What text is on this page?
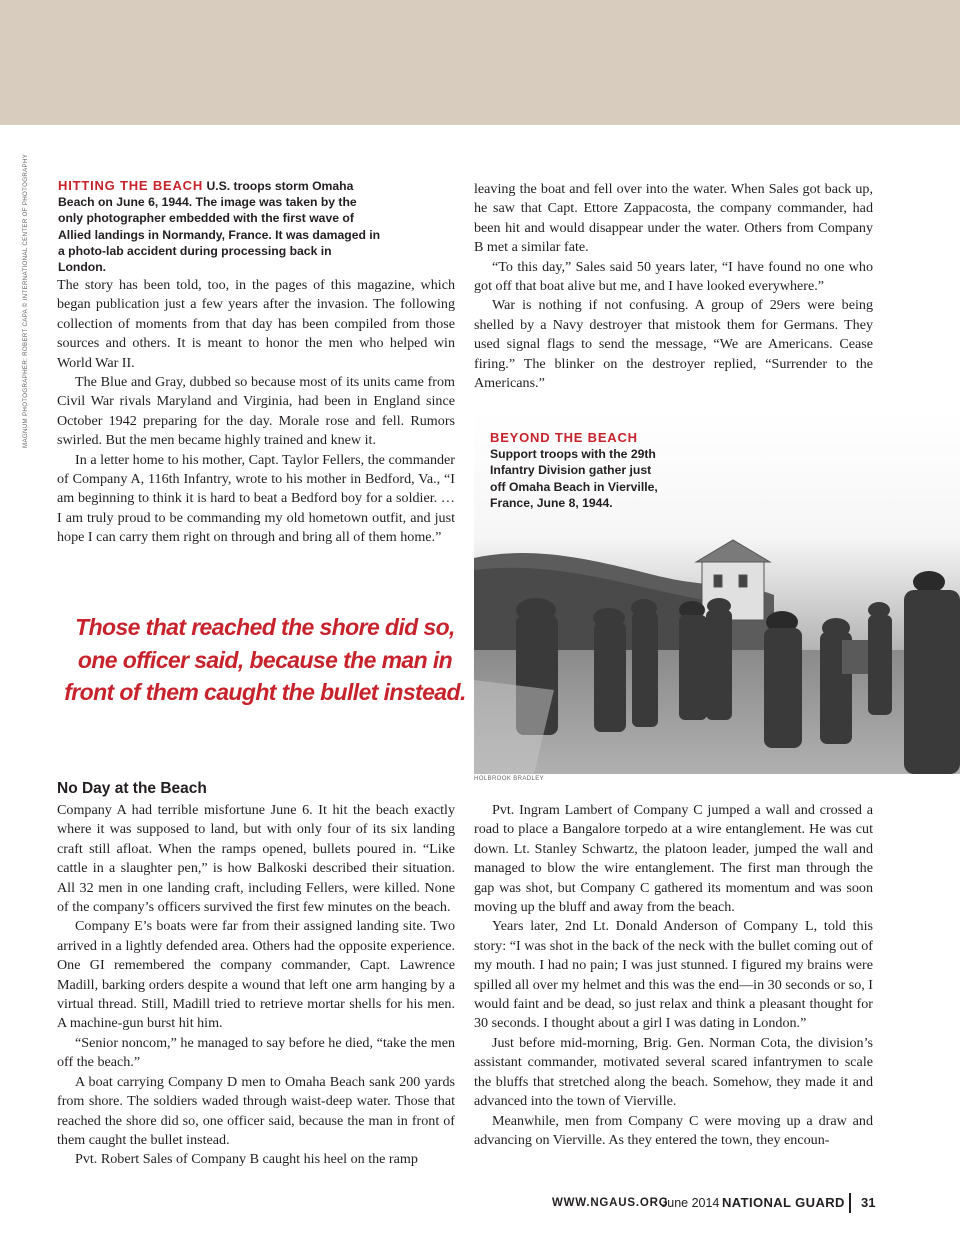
MAGNUM PHOTOGRAPHER: ROBERT CAPA © INTERNATIONAL CENTER OF PHOTOGRAPHY HITTING THE BEACH U.S. troops storm Omaha Beach on June 6, 1944. The image was taken by the only photographer embedded with the first wave of Allied landings in Normandy, France. It was damaged in a photo-lab accident during processing back in London.

The story has been told, too, in the pages of this magazine, which began publication just a few years after the invasion. The following collection of moments from that day has been compiled from those sources and others. It is meant to honor the men who helped win World War II.

The Blue and Gray, dubbed so because most of its units came from Civil War rivals Maryland and Virginia, had been in England since October 1942 preparing for the day. Morale rose and fell. Rumors swirled. But the men became highly trained and knew it.

In a letter home to his mother, Capt. Taylor Fellers, the commander of Company A, 116th Infantry, wrote to his mother in Bedford, Va., “I am beginning to think it is hard to beat a Bedford boy for a soldier. … I am truly proud to be commanding my old hometown outfit, and just hope I can carry them right on through and bring all of them home.”

leaving the boat and fell over into the water. When Sales got back up, he saw that Capt. Ettore Zappacosta, the company commander, had been hit and would disappear under the water. Others from Company B met a similar fate.

“To this day,” Sales said 50 years later, “I have found no one who got off that boat alive but me, and I have looked everywhere.”

War is nothing if not confusing. A group of 29ers were being shelled by a Navy destroyer that mistook them for Germans. They used signal flags to send the message, “We are Americans. Cease firing.” The blinker on the destroyer replied, “Surrender to the Americans.”

BEYOND THE BEACH
Support troops with the 29th Infantry Division gather just off Omaha Beach in Vierville, France, June 8, 1944.
HOLBROOK BRADLEY
Those that reached the shore did so, one officer said, because the man in front of them caught the bullet instead.
No Day at the Beach

Company A had terrible misfortune June 6. It hit the beach exactly where it was supposed to land, but with only four of its six landing craft still afloat. When the ramps opened, bullets poured in. “Like cattle in a slaughter pen,” is how Balkoski described their situation. All 32 men in one landing craft, including Fellers, were killed. None of the company’s officers survived the first few minutes on the beach.

Company E’s boats were far from their assigned landing site. Two arrived in a lightly defended area. Others had the opposite experience. One GI remembered the company commander, Capt. Lawrence Madill, barking orders despite a wound that left one arm hanging by a virtual thread. Still, Madill tried to retrieve mortar shells for his men. A machine-gun burst hit him.

“Senior noncom,” he managed to say before he died, “take the men off the beach.”

A boat carrying Company D men to Omaha Beach sank 200 yards from shore. The soldiers waded through waist-deep water. Those that reached the shore did so, one officer said, because the man in front of them caught the bullet instead.

Pvt. Robert Sales of Company B caught his heel on the ramp

Pvt. Ingram Lambert of Company C jumped a wall and crossed a road to place a Bangalore torpedo at a wire entanglement. He was cut down. Lt. Stanley Schwartz, the platoon leader, jumped the wall and managed to blow the wire entanglement. The first man through the gap was shot, but Company C gathered its momentum and was soon moving up the bluff and away from the beach.

Years later, 2nd Lt. Donald Anderson of Company L, told this story: “I was shot in the back of the neck with the bullet coming out of my mouth. I had no pain; I was just stunned. I figured my brains were spilled all over my helmet and this was the end—in 30 seconds or so, I would faint and be dead, so just relax and think a pleasant thought for 30 seconds. I thought about a girl I was dating in London.”

Just before mid-morning, Brig. Gen. Norman Cota, the division’s assistant commander, motivated several scared infantrymen to scale the bluffs that stretched along the beach. Somehow, they made it and advanced into the town of Vierville.

Meanwhile, men from Company C were moving up a draw and advancing on Vierville. As they entered the town, they encoun-

WWW.NGAUS.ORG
June 2014 NATIONAL GUARD 31
